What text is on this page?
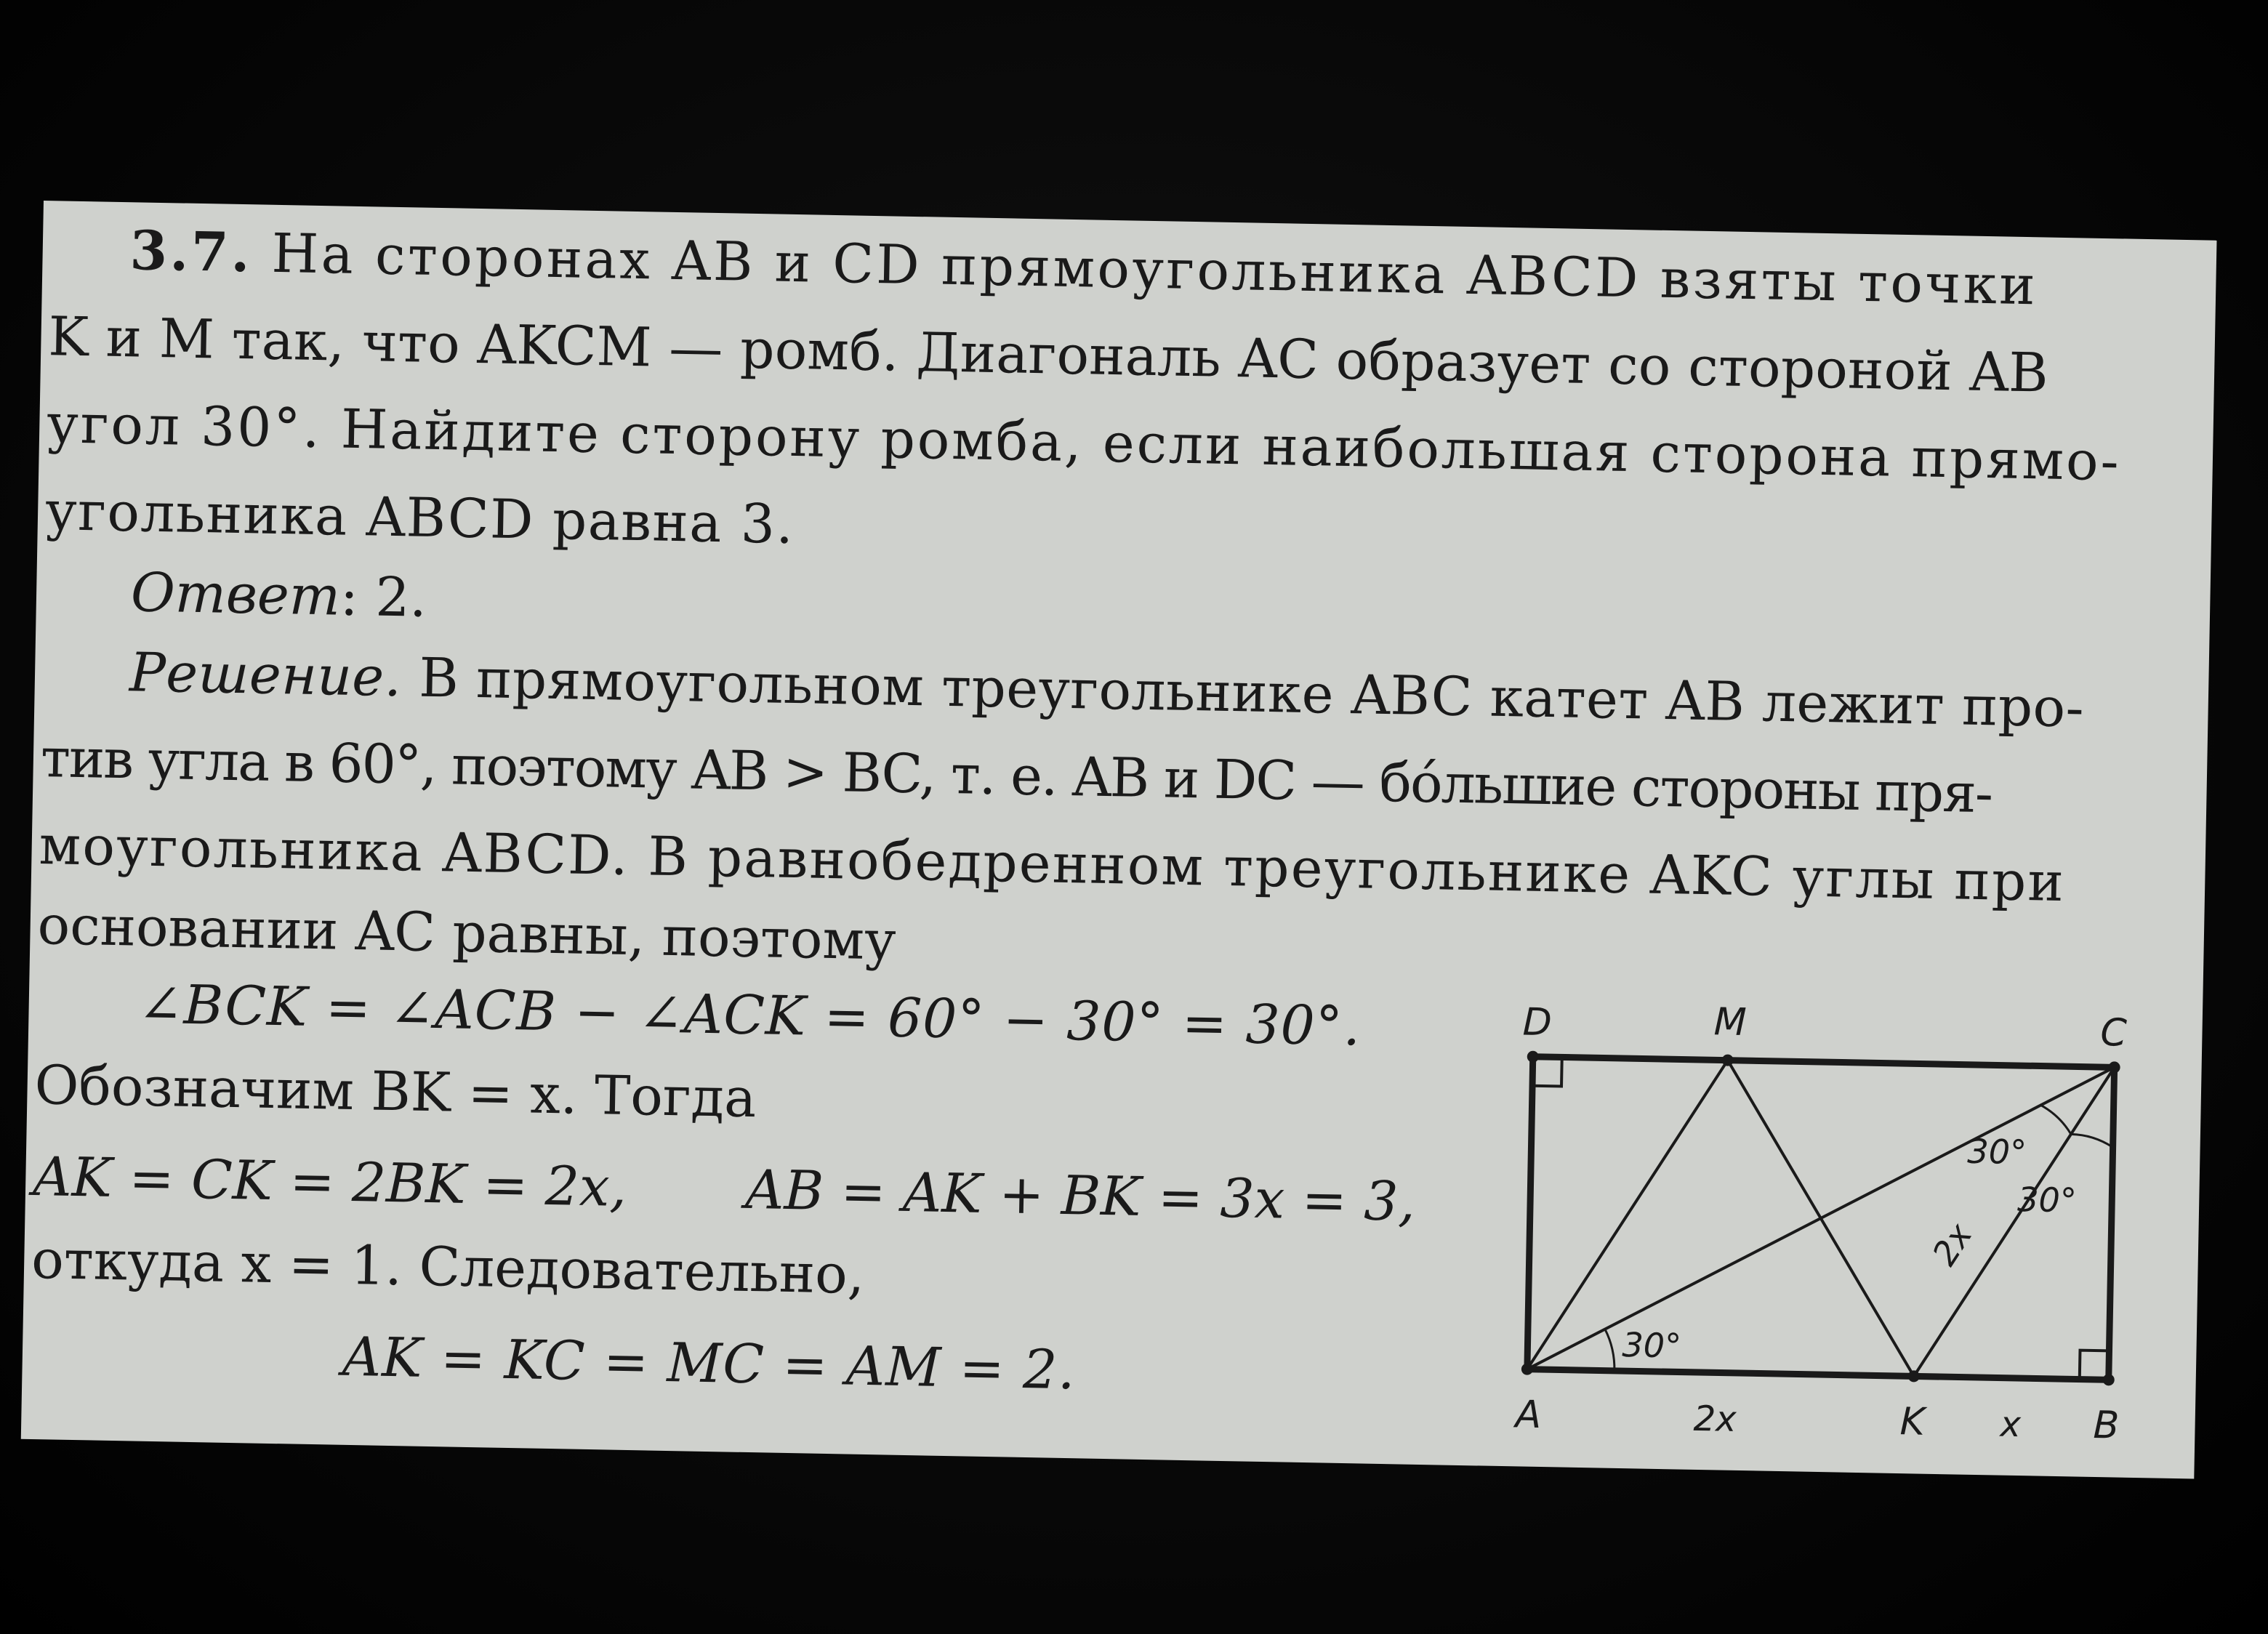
3.7. На сторонах AB и CD прямоугольника ABCD взяты точки
K и M так, что AKCM — ромб. Диагональ AC образует со стороной AB
угол 30°. Найдите сторону ромба, если наибольшая сторона прямо-
угольника ABCD равна 3.
Ответ: 2.
Решение. В прямоугольном треугольнике ABC катет AB лежит про-
тив угла в 60°, поэтому AB > BC, т. е. AB и DC — бóльшие стороны пря-
моугольника ABCD. В равнобедренном треугольнике AKC углы при
основании AC равны, поэтому
∠BCK = ∠ACB − ∠ACK = 60° − 30° = 30°.
Обозначим BK = x. Тогда
AK = CK = 2BK = 2x, AB = AK + BK = 3x = 3,
откуда x = 1. Следовательно,
AK = KC = MC = AM = 2.
A	B
C
D
K
M
30°
30°
30°
2x	x
2x
